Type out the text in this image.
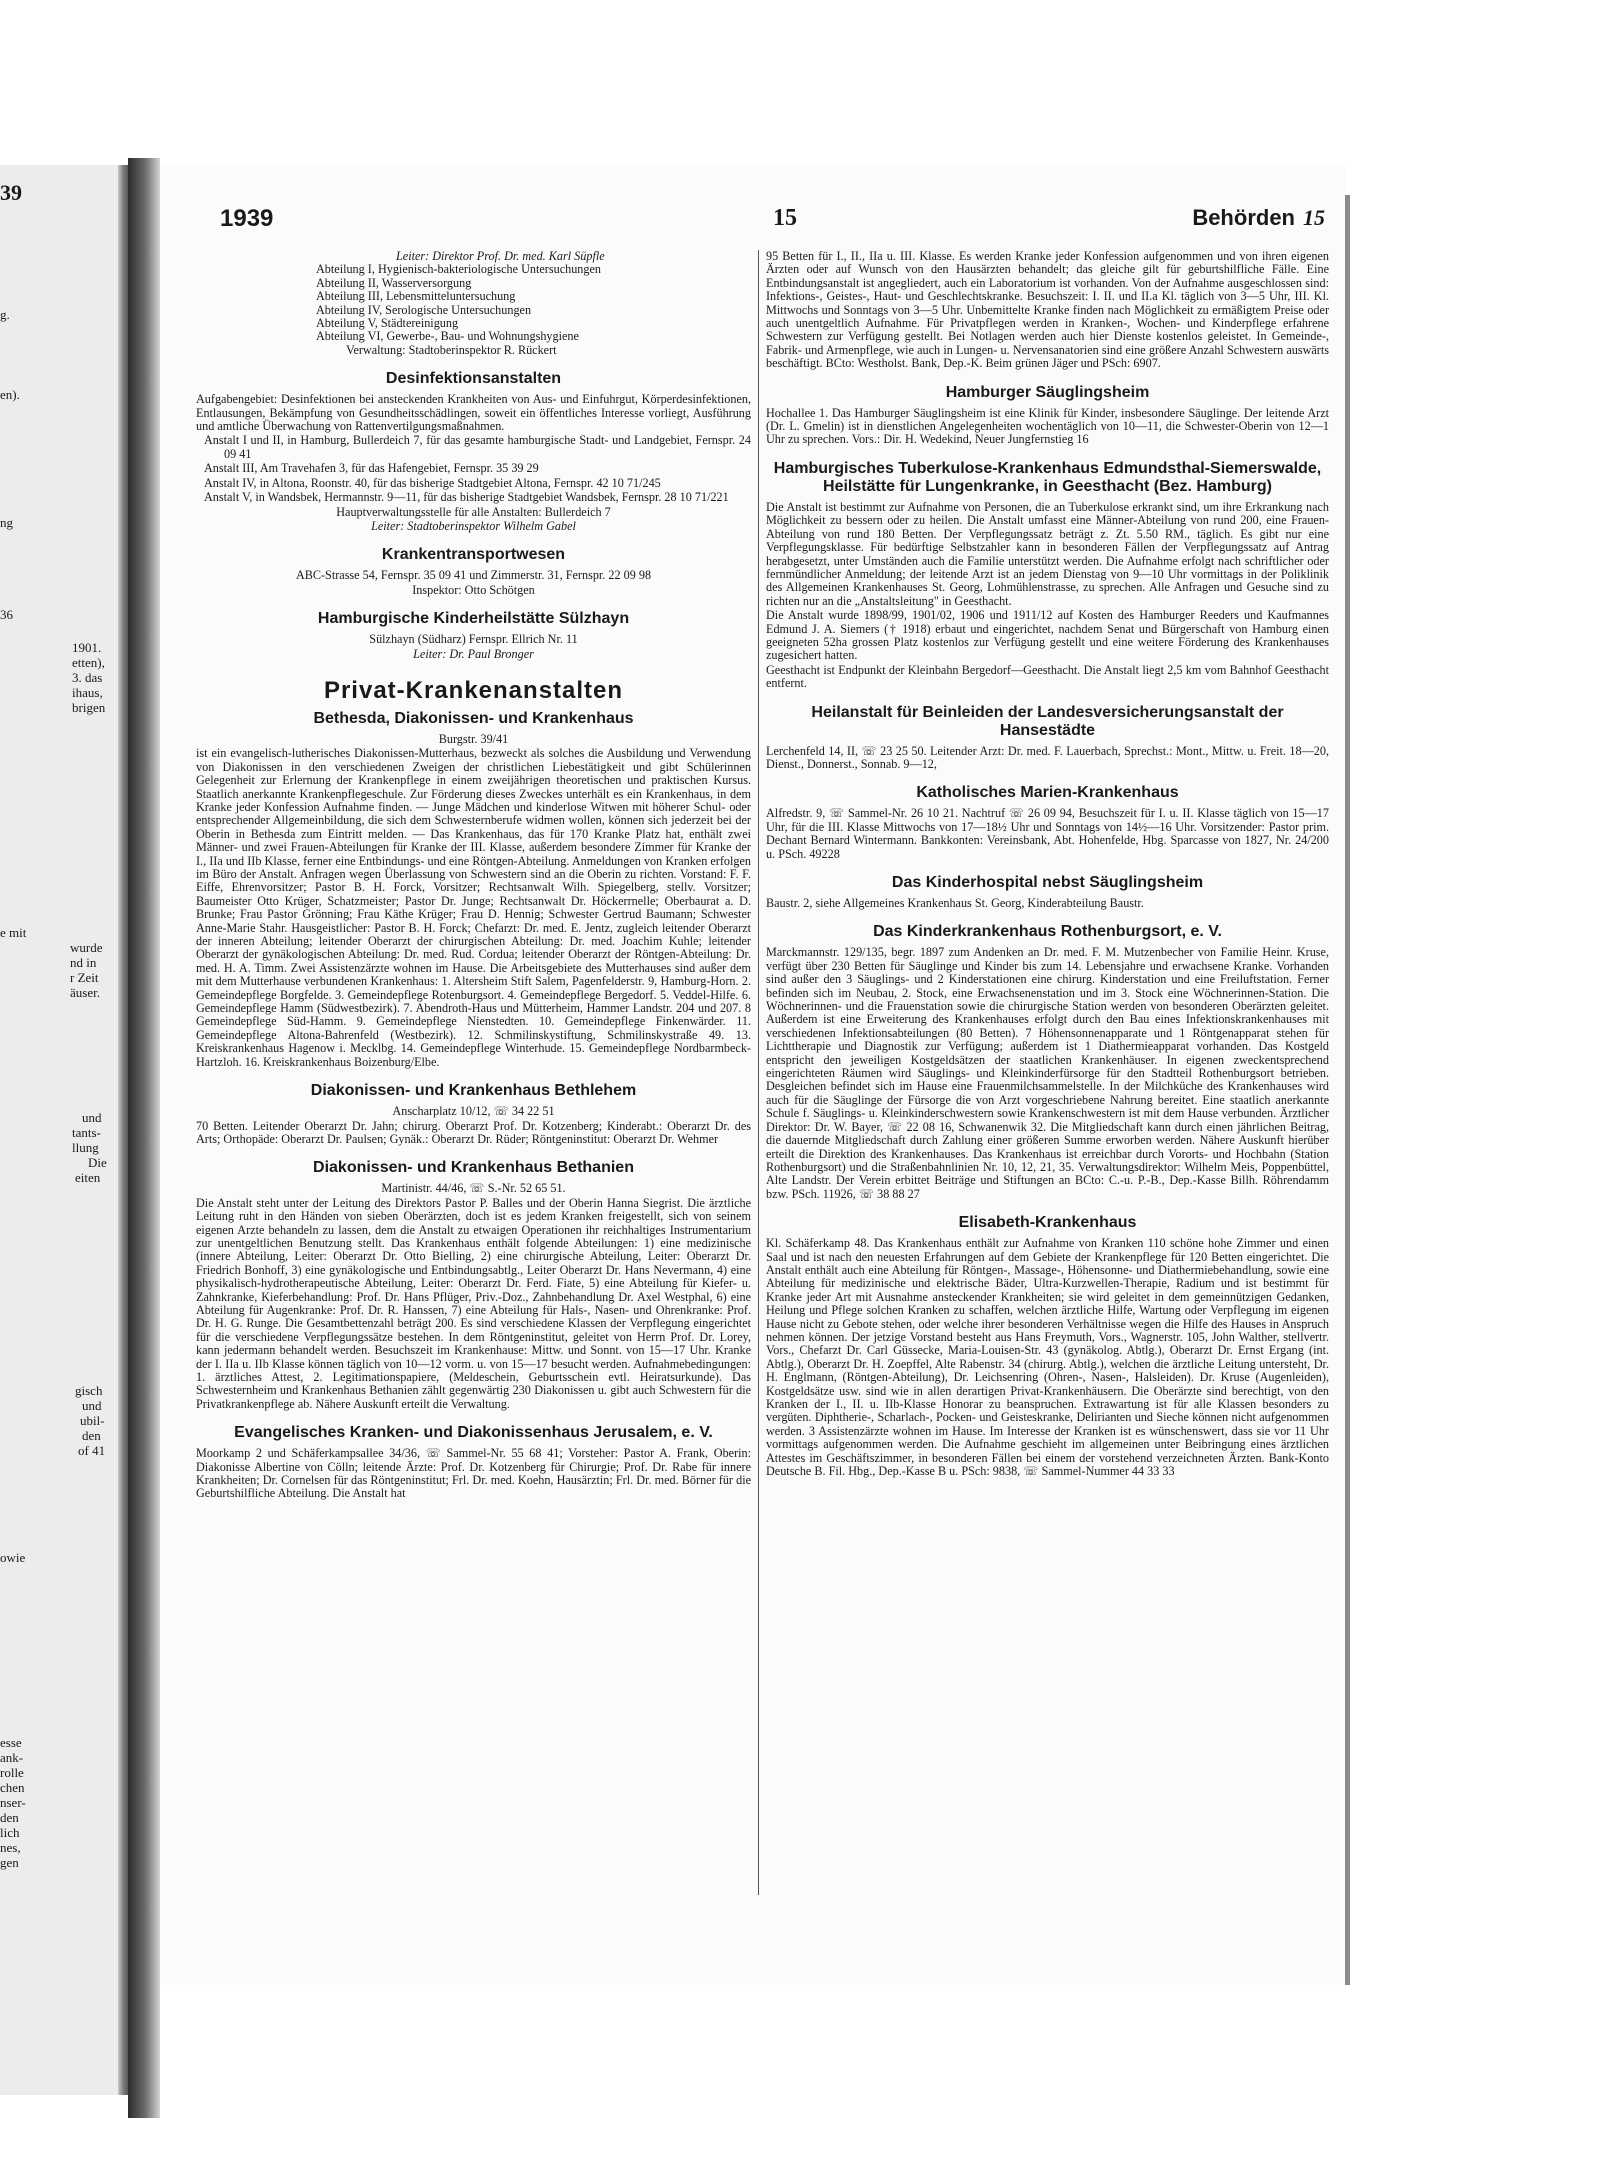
39
g.
en).
ng
36
1901.
etten),
3. das
ihaus,
brigen
e mit
wurde
nd in
r Zeit
äuser.
und
tants-
llung
Die
eiten
gisch
und
ubil-
den
of 41
owie
esse
ank-
rolle
chen
nser-
den
lich
nes,
gen
1939	15	Behörden 15

Leiter: Direktor Prof. Dr. med. Karl Süpfle

Abteilung I, Hygienisch-bakteriologische Untersuchungen

Abteilung II, Wasserversorgung

Abteilung III, Lebensmitteluntersuchung

Abteilung IV, Serologische Untersuchungen

Abteilung V, Städtereinigung

Abteilung VI, Gewerbe-, Bau- und Wohnungshygiene

Verwaltung: Stadtoberinspektor R. Rückert

Desinfektionsanstalten

Aufgabengebiet: Desinfektionen bei ansteckenden Krankheiten von Aus- und Einfuhrgut, Körperdesinfektionen, Entlausungen, Bekämpfung von Gesundheitsschädlingen, soweit ein öffentliches Interesse vorliegt, Ausführung und amtliche Überwachung von Rattenvertilgungsmaßnahmen.

Anstalt I und II, in Hamburg, Bullerdeich 7, für das gesamte hamburgische Stadt- und Landgebiet, Fernspr. 24 09 41

Anstalt III, Am Travehafen 3, für das Hafengebiet, Fernspr. 35 39 29

Anstalt IV, in Altona, Roonstr. 40, für das bisherige Stadtgebiet Altona, Fernspr. 42 10 71/245

Anstalt V, in Wandsbek, Hermannstr. 9—11, für das bisherige Stadtgebiet Wandsbek, Fernspr. 28 10 71/221

Hauptverwaltungsstelle für alle Anstalten: Bullerdeich 7

Leiter: Stadtoberinspektor Wilhelm Gabel

Krankentransportwesen

ABC-Strasse 54, Fernspr. 35 09 41 und Zimmerstr. 31, Fernspr. 22 09 98

Inspektor: Otto Schötgen

Hamburgische Kinderheilstätte Sülzhayn

Sülzhayn (Südharz) Fernspr. Ellrich Nr. 11

Leiter: Dr. Paul Bronger

Privat-Krankenanstalten
Bethesda, Diakonissen- und Krankenhaus

Burgstr. 39/41

ist ein evangelisch-lutherisches Diakonissen-Mutterhaus, bezweckt als solches die Ausbildung und Verwendung von Diakonissen in den verschiedenen Zweigen der christlichen Liebestätigkeit und gibt Schülerinnen Gelegenheit zur Erlernung der Krankenpflege in einem zweijährigen theoretischen und praktischen Kursus. Staatlich anerkannte Krankenpflegeschule. Zur Förderung dieses Zweckes unterhält es ein Krankenhaus, in dem Kranke jeder Konfession Aufnahme finden. — Junge Mädchen und kinderlose Witwen mit höherer Schul- oder entsprechender Allgemeinbildung, die sich dem Schwesternberufe widmen wollen, können sich jederzeit bei der Oberin in Bethesda zum Eintritt melden. — Das Krankenhaus, das für 170 Kranke Platz hat, enthält zwei Männer- und zwei Frauen-Abteilungen für Kranke der III. Klasse, außerdem besondere Zimmer für Kranke der I., IIa und IIb Klasse, ferner eine Entbindungs- und eine Röntgen-Abteilung. Anmeldungen von Kranken erfolgen im Büro der Anstalt. Anfragen wegen Überlassung von Schwestern sind an die Oberin zu richten. Vorstand: F. F. Eiffe, Ehrenvorsitzer; Pastor B. H. Forck, Vorsitzer; Rechtsanwalt Wilh. Spiegelberg, stellv. Vorsitzer; Baumeister Otto Krüger, Schatzmeister; Pastor Dr. Junge; Rechtsanwalt Dr. Höckerrnelle; Oberbaurat a. D. Brunke; Frau Pastor Grönning; Frau Käthe Krüger; Frau D. Hennig; Schwester Gertrud Baumann; Schwester Anne-Marie Stahr. Hausgeistlicher: Pastor B. H. Forck; Chefarzt: Dr. med. E. Jentz, zugleich leitender Oberarzt der inneren Abteilung; leitender Oberarzt der chirurgischen Abteilung: Dr. med. Joachim Kuhle; leitender Oberarzt der gynäkologischen Abteilung: Dr. med. Rud. Cordua; leitender Oberarzt der Röntgen-Abteilung: Dr. med. H. A. Timm. Zwei Assistenzärzte wohnen im Hause. Die Arbeitsgebiete des Mutterhauses sind außer dem mit dem Mutterhause verbundenen Krankenhaus: 1. Altersheim Stift Salem, Pagenfelderstr. 9, Hamburg-Horn. 2. Gemeindepflege Borgfelde. 3. Gemeindepflege Rotenburgsort. 4. Gemeindepflege Bergedorf. 5. Veddel-Hilfe. 6. Gemeindepflege Hamm (Südwestbezirk). 7. Abendroth-Haus und Mütterheim, Hammer Landstr. 204 und 207. 8 Gemeindepflege Süd-Hamm. 9. Gemeindepflege Nienstedten. 10. Gemeindepflege Finkenwärder. 11. Gemeindepflege Altona-Bahrenfeld (Westbezirk). 12. Schmilinskystiftung, Schmilinskystraße 49. 13. Kreiskrankenhaus Hagenow i. Mecklbg. 14. Gemeindepflege Winterhude. 15. Gemeindepflege Nordbarmbeck-Hartzloh. 16. Kreiskrankenhaus Boizenburg/Elbe.

Diakonissen- und Krankenhaus Bethlehem

Anscharplatz 10/12, ☏ 34 22 51

70 Betten. Leitender Oberarzt Dr. Jahn; chirurg. Oberarzt Prof. Dr. Kotzenberg; Kinderabt.: Oberarzt Dr. des Arts; Orthopäde: Oberarzt Dr. Paulsen; Gynäk.: Oberarzt Dr. Rüder; Röntgeninstitut: Oberarzt Dr. Wehmer

Diakonissen- und Krankenhaus Bethanien

Martinistr. 44/46, ☏ S.-Nr. 52 65 51.

Die Anstalt steht unter der Leitung des Direktors Pastor P. Balles und der Oberin Hanna Siegrist. Die ärztliche Leitung ruht in den Händen von sieben Oberärzten, doch ist es jedem Kranken freigestellt, sich von seinem eigenen Arzte behandeln zu lassen, dem die Anstalt zu etwaigen Operationen ihr reichhaltiges Instrumentarium zur unentgeltlichen Benutzung stellt. Das Krankenhaus enthält folgende Abteilungen: 1) eine medizinische (innere Abteilung, Leiter: Oberarzt Dr. Otto Bielling, 2) eine chirurgische Abteilung, Leiter: Oberarzt Dr. Friedrich Bonhoff, 3) eine gynäkologische und Entbindungsabtlg., Leiter Oberarzt Dr. Hans Nevermann, 4) eine physikalisch-hydrotherapeutische Abteilung, Leiter: Oberarzt Dr. Ferd. Fiate, 5) eine Abteilung für Kiefer- u. Zahnkranke, Kieferbehandlung: Prof. Dr. Hans Pflüger, Priv.-Doz., Zahnbehandlung Dr. Axel Westphal, 6) eine Abteilung für Augenkranke: Prof. Dr. R. Hanssen, 7) eine Abteilung für Hals-, Nasen- und Ohrenkranke: Prof. Dr. H. G. Runge. Die Gesamtbettenzahl beträgt 200. Es sind verschiedene Klassen der Verpflegung eingerichtet für die verschiedene Verpflegungssätze bestehen. In dem Röntgeninstitut, geleitet von Herrn Prof. Dr. Lorey, kann jedermann behandelt werden. Besuchszeit im Krankenhause: Mittw. und Sonnt. von 15—17 Uhr. Kranke der I. IIa u. IIb Klasse können täglich von 10—12 vorm. u. von 15—17 besucht werden. Aufnahmebedingungen: 1. ärztliches Attest, 2. Legitimationspapiere, (Meldeschein, Geburtsschein evtl. Heiratsurkunde). Das Schwesternheim und Krankenhaus Bethanien zählt gegenwärtig 230 Diakonissen u. gibt auch Schwestern für die Privatkrankenpflege ab. Nähere Auskunft erteilt die Verwaltung.

Evangelisches Kranken- und Diakonissenhaus Jerusalem, e. V.

Moorkamp 2 und Schäferkampsallee 34/36, ☏ Sammel-Nr. 55 68 41; Vorsteher: Pastor A. Frank, Oberin: Diakonisse Albertine von Cölln; leitende Ärzte: Prof. Dr. Kotzenberg für Chirurgie; Prof. Dr. Rabe für innere Krankheiten; Dr. Cornelsen für das Röntgeninstitut; Frl. Dr. med. Koehn, Hausärztin; Frl. Dr. med. Börner für die Geburtshilfliche Abteilung. Die Anstalt hat

95 Betten für I., II., IIa u. III. Klasse. Es werden Kranke jeder Konfession aufgenommen und von ihren eigenen Ärzten oder auf Wunsch von den Hausärzten behandelt; das gleiche gilt für geburtshilfliche Fälle. Eine Entbindungsanstalt ist angegliedert, auch ein Laboratorium ist vorhanden. Von der Aufnahme ausgeschlossen sind: Infektions-, Geistes-, Haut- und Geschlechtskranke. Besuchszeit: I. II. und II.a Kl. täglich von 3—5 Uhr, III. Kl. Mittwochs und Sonntags von 3—5 Uhr. Unbemittelte Kranke finden nach Möglichkeit zu ermäßigtem Preise oder auch unentgeltlich Aufnahme. Für Privatpflegen werden in Kranken-, Wochen- und Kinderpflege erfahrene Schwestern zur Verfügung gestellt. Bei Notlagen werden auch hier Dienste kostenlos geleistet. In Gemeinde-, Fabrik- und Armenpflege, wie auch in Lungen- u. Nervensanatorien sind eine größere Anzahl Schwestern auswärts beschäftigt. BCto: Westholst. Bank, Dep.-K. Beim grünen Jäger und PSch: 6907.

Hamburger Säuglingsheim

Hochallee 1. Das Hamburger Säuglingsheim ist eine Klinik für Kinder, insbesondere Säuglinge. Der leitende Arzt (Dr. L. Gmelin) ist in dienstlichen Angelegenheiten wochentäglich von 10—11, die Schwester-Oberin von 12—1 Uhr zu sprechen. Vors.: Dir. H. Wedekind, Neuer Jungfernstieg 16

Hamburgisches Tuberkulose-Krankenhaus Edmundsthal-Siemerswalde, Heilstätte für Lungenkranke, in Geesthacht (Bez. Hamburg)

Die Anstalt ist bestimmt zur Aufnahme von Personen, die an Tuberkulose erkrankt sind, um ihre Erkrankung nach Möglichkeit zu bessern oder zu heilen. Die Anstalt umfasst eine Männer-Abteilung von rund 200, eine Frauen-Abteilung von rund 180 Betten. Der Verpflegungssatz beträgt z. Zt. 5.50 RM., täglich. Es gibt nur eine Verpflegungsklasse. Für bedürftige Selbstzahler kann in besonderen Fällen der Verpflegungssatz auf Antrag herabgesetzt, unter Umständen auch die Familie unterstützt werden. Die Aufnahme erfolgt nach schriftlicher oder fernmündlicher Anmeldung; der leitende Arzt ist an jedem Dienstag von 9—10 Uhr vormittags in der Poliklinik des Allgemeinen Krankenhauses St. Georg, Lohmühlenstrasse, zu sprechen. Alle Anfragen und Gesuche sind zu richten nur an die „Anstaltsleitung" in Geesthacht.

Die Anstalt wurde 1898/99, 1901/02, 1906 und 1911/12 auf Kosten des Hamburger Reeders und Kaufmannes Edmund J. A. Siemers († 1918) erbaut und eingerichtet, nachdem Senat und Bürgerschaft von Hamburg einen geeigneten 52ha grossen Platz kostenlos zur Verfügung gestellt und eine weitere Förderung des Krankenhauses zugesichert hatten.

Geesthacht ist Endpunkt der Kleinbahn Bergedorf—Geesthacht. Die Anstalt liegt 2,5 km vom Bahnhof Geesthacht entfernt.

Heilanstalt für Beinleiden der Landesversicherungsanstalt der Hansestädte

Lerchenfeld 14, II, ☏ 23 25 50. Leitender Arzt: Dr. med. F. Lauerbach, Sprechst.: Mont., Mittw. u. Freit. 18—20, Dienst., Donnerst., Sonnab. 9—12,

Katholisches Marien-Krankenhaus

Alfredstr. 9, ☏ Sammel-Nr. 26 10 21. Nachtruf ☏ 26 09 94, Besuchszeit für I. u. II. Klasse täglich von 15—17 Uhr, für die III. Klasse Mittwochs von 17—18½ Uhr und Sonntags von 14½—16 Uhr. Vorsitzender: Pastor prim. Dechant Bernard Wintermann. Bankkonten: Vereinsbank, Abt. Hohenfelde, Hbg. Sparcasse von 1827, Nr. 24/200 u. PSch. 49228

Das Kinderhospital nebst Säuglingsheim

Baustr. 2, siehe Allgemeines Krankenhaus St. Georg, Kinderabteilung Baustr.

Das Kinderkrankenhaus Rothenburgsort, e. V.

Marckmannstr. 129/135, begr. 1897 zum Andenken an Dr. med. F. M. Mutzenbecher von Familie Heinr. Kruse, verfügt über 230 Betten für Säuglinge und Kinder bis zum 14. Lebensjahre und erwachsene Kranke. Vorhanden sind außer den 3 Säuglings- und 2 Kinderstationen eine chirurg. Kinderstation und eine Freiluftstation. Ferner befinden sich im Neubau, 2. Stock, eine Erwachsenenstation und im 3. Stock eine Wöchnerinnen-Station. Die Wöchnerinnen- und die Frauenstation sowie die chirurgische Station werden von besonderen Oberärzten geleitet. Außerdem ist eine Erweiterung des Krankenhauses erfolgt durch den Bau eines Infektionskrankenhauses mit verschiedenen Infektionsabteilungen (80 Betten). 7 Höhensonnenapparate und 1 Röntgenapparat stehen für Lichttherapie und Diagnostik zur Verfügung; außerdem ist 1 Diathermieapparat vorhanden. Das Kostgeld entspricht den jeweiligen Kostgeldsätzen der staatlichen Krankenhäuser. In eigenen zweckentsprechend eingerichteten Räumen wird Säuglings- und Kleinkinderfürsorge für den Stadtteil Rothenburgsort betrieben. Desgleichen befindet sich im Hause eine Frauenmilchsammelstelle. In der Milchküche des Krankenhauses wird auch für die Säuglinge der Fürsorge die von Arzt vorgeschriebene Nahrung bereitet. Eine staatlich anerkannte Schule f. Säuglings- u. Kleinkinderschwestern sowie Krankenschwestern ist mit dem Hause verbunden. Ärztlicher Direktor: Dr. W. Bayer, ☏ 22 08 16, Schwanenwik 32. Die Mitgliedschaft kann durch einen jährlichen Beitrag, die dauernde Mitgliedschaft durch Zahlung einer größeren Summe erworben werden. Nähere Auskunft hierüber erteilt die Direktion des Krankenhauses. Das Krankenhaus ist erreichbar durch Vororts- und Hochbahn (Station Rothenburgsort) und die Straßenbahnlinien Nr. 10, 12, 21, 35. Verwaltungsdirektor: Wilhelm Meis, Poppenbüttel, Alte Landstr. Der Verein erbittet Beiträge und Stiftungen an BCto: C.-u. P.-B., Dep.-Kasse Billh. Röhrendamm bzw. PSch. 11926, ☏ 38 88 27

Elisabeth-Krankenhaus

Kl. Schäferkamp 48. Das Krankenhaus enthält zur Aufnahme von Kranken 110 schöne hohe Zimmer und einen Saal und ist nach den neuesten Erfahrungen auf dem Gebiete der Krankenpflege für 120 Betten eingerichtet. Die Anstalt enthält auch eine Abteilung für Röntgen-, Massage-, Höhensonne- und Diathermiebehandlung, sowie eine Abteilung für medizinische und elektrische Bäder, Ultra-Kurzwellen-Therapie, Radium und ist bestimmt für Kranke jeder Art mit Ausnahme ansteckender Krankheiten; sie wird geleitet in dem gemeinnützigen Gedanken, Heilung und Pflege solchen Kranken zu schaffen, welchen ärztliche Hilfe, Wartung oder Verpflegung im eigenen Hause nicht zu Gebote stehen, oder welche ihrer besonderen Verhältnisse wegen die Hilfe des Hauses in Anspruch nehmen können. Der jetzige Vorstand besteht aus Hans Freymuth, Vors., Wagnerstr. 105, John Walther, stellvertr. Vors., Chefarzt Dr. Carl Güssecke, Maria-Louisen-Str. 43 (gynäkolog. Abtlg.), Oberarzt Dr. Ernst Ergang (int. Abtlg.), Oberarzt Dr. H. Zoepffel, Alte Rabenstr. 34 (chirurg. Abtlg.), welchen die ärztliche Leitung untersteht, Dr. H. Englmann, (Röntgen-Abteilung), Dr. Leichsenring (Ohren-, Nasen-, Halsleiden). Dr. Kruse (Augenleiden), Kostgeldsätze usw. sind wie in allen derartigen Privat-Krankenhäusern. Die Oberärzte sind berechtigt, von den Kranken der I., II. u. IIb-Klasse Honorar zu beanspruchen. Extrawartung ist für alle Klassen besonders zu vergüten. Diphtherie-, Scharlach-, Pocken- und Geisteskranke, Delirianten und Sieche können nicht aufgenommen werden. 3 Assistenzärzte wohnen im Hause. Im Interesse der Kranken ist es wünschenswert, dass sie vor 11 Uhr vormittags aufgenommen werden. Die Aufnahme geschieht im allgemeinen unter Beibringung eines ärztlichen Attestes im Geschäftszimmer, in besonderen Fällen bei einem der vorstehend verzeichneten Ärzten. Bank-Konto Deutsche B. Fil. Hbg., Dep.-Kasse B u. PSch: 9838, ☏ Sammel-Nummer 44 33 33
